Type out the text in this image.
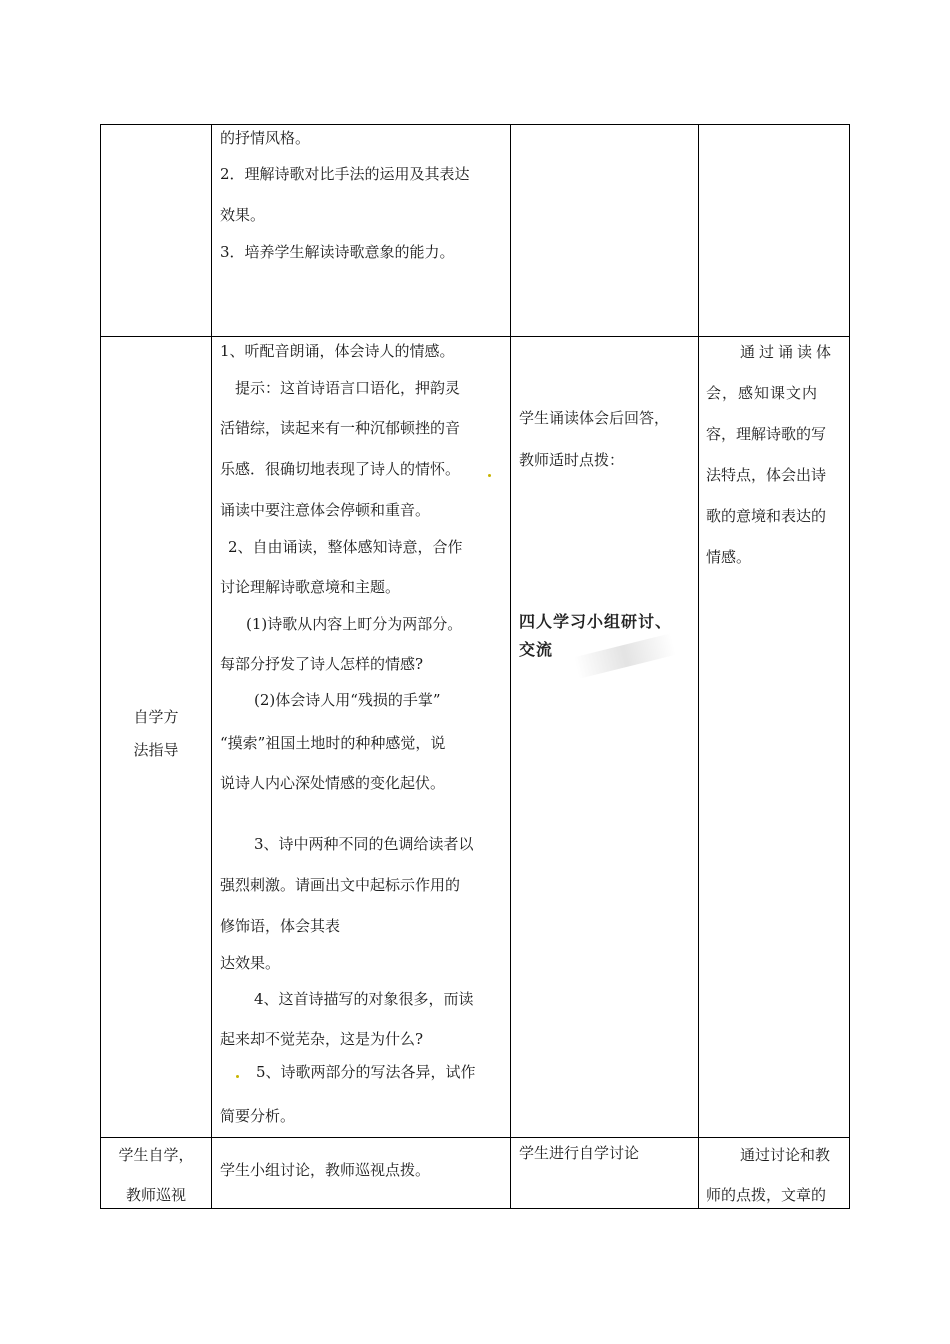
的抒情风格。

2．理解诗歌对比手法的运用及其表达

效果。

3．培养学生解读诗歌意象的能力。

自学方

法指导

1、听配音朗诵，体会诗人的情感。

提示：这首诗语言口语化，押韵灵

活错综，读起来有一种沉郁顿挫的音

乐感．很确切地表现了诗人的情怀。

诵读中要注意体会停顿和重音。

2、自由诵读，整体感知诗意，合作

讨论理解诗歌意境和主题。

(1)诗歌从内容上町分为两部分。

每部分抒发了诗人怎样的情感?

(2)体会诗人用“残损的手掌”

“摸索”祖国土地时的种种感觉，说

说诗人内心深处情感的变化起伏。

3、诗中两种不同的色调给读者以

强烈刺激。请画出文中起标示作用的

修饰语，体会其表

达效果。

4、这首诗描写的对象很多，而读

起来却不觉芜杂，这是为什么?

5、诗歌两部分的写法各异，试作

简要分析。

学生诵读体会后回答，

教师适时点拨：

四人学习小组研讨、

交流

通过诵读体

会，感知课文内

容，理解诗歌的写

法特点，体会出诗

歌的意境和表达的

情感。

学生自学，

教师巡视

学生小组讨论，教师巡视点拨。

学生进行自学讨论	通过讨论和教

师的点拨，文章的
